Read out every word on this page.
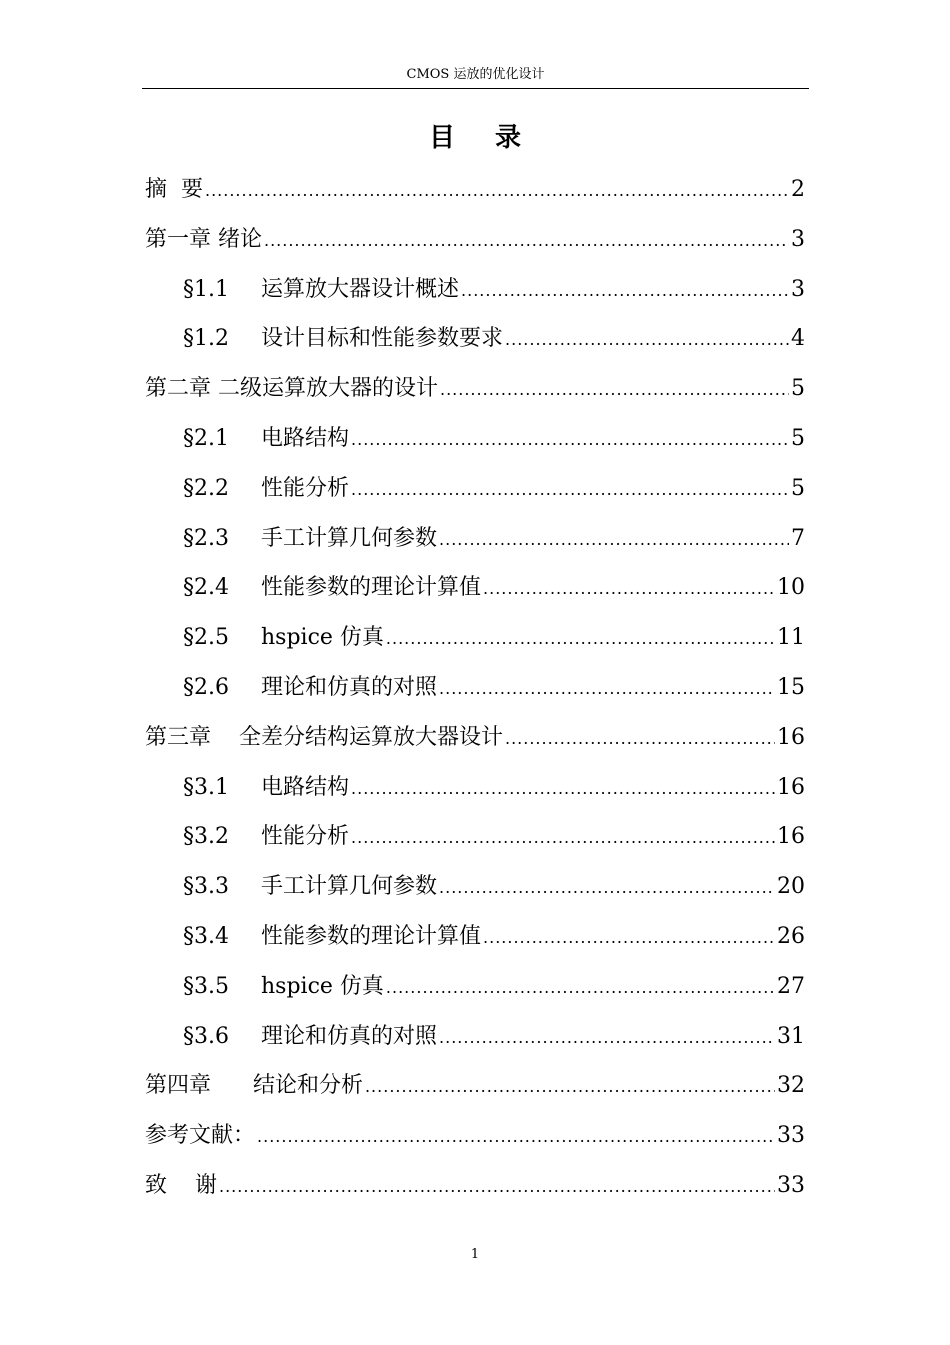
CMOS 运放的优化设计
目录
摘  要 .....	2
第一章 绪论 .....	3
§1.1	运算放大器设计概述 .....	3
§1.2	设计目标和性能参数要求 .....	4
第二章 二级运算放大器的设计 .....	5
§2.1	电路结构 .....	5
§2.2	性能分析 .....	5
§2.3	手工计算几何参数 .....	7
§2.4	性能参数的理论计算值 .....	10
§2.5	hspice 仿真 .....	11
§2.6	理论和仿真的对照 .....	15
第三章    全差分结构运算放大器设计 .....	16
§3.1	电路结构 .....	16
§3.2	性能分析 .....	16
§3.3	手工计算几何参数 .....	20
§3.4	性能参数的理论计算值 .....	26
§3.5	hspice 仿真 .....	27
§3.6	理论和仿真的对照 .....	31
第四章      结论和分析 .....	32
参考文献： .....	33
致    谢 .....	33
1
